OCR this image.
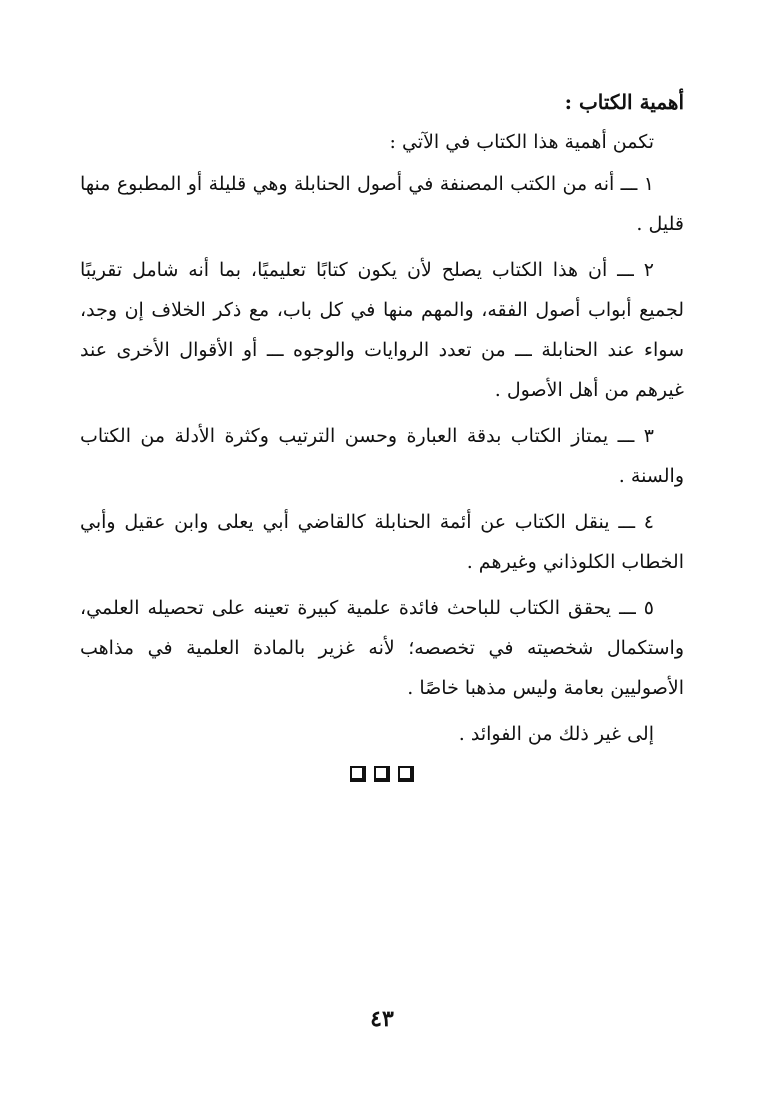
أهمية الكتاب :

تكمن أهمية هذا الكتاب في الآتي :

١ ـــ أنه من الكتب المصنفة في أصول الحنابلة وهي قليلة أو المطبوع منها قليل .

٢ ـــ أن هذا الكتاب يصلح لأن يكون كتابًا تعليميًا، بما أنه شامل تقريبًا لجميع أبواب أصول الفقه، والمهم منها في كل باب، مع ذكر الخلاف إن وجد، سواء عند الحنابلة ـــ من تعدد الروايات والوجوه ـــ أو الأقوال الأخرى عند غيرهم من أهل الأصول .

٣ ـــ يمتاز الكتاب بدقة العبارة وحسن الترتيب وكثرة الأدلة من الكتاب والسنة .

٤ ـــ ينقل الكتاب عن أئمة الحنابلة كالقاضي أبي يعلى وابن عقيل وأبي الخطاب الكلوذاني وغيرهم .

٥ ـــ يحقق الكتاب للباحث فائدة علمية كبيرة تعينه على تحصيله العلمي، واستكمال شخصيته في تخصصه؛ لأنه غزير بالمادة العلمية في مذاهب الأصوليين بعامة وليس مذهبا خاصًا .

إلى غير ذلك من الفوائد .

٤٣
